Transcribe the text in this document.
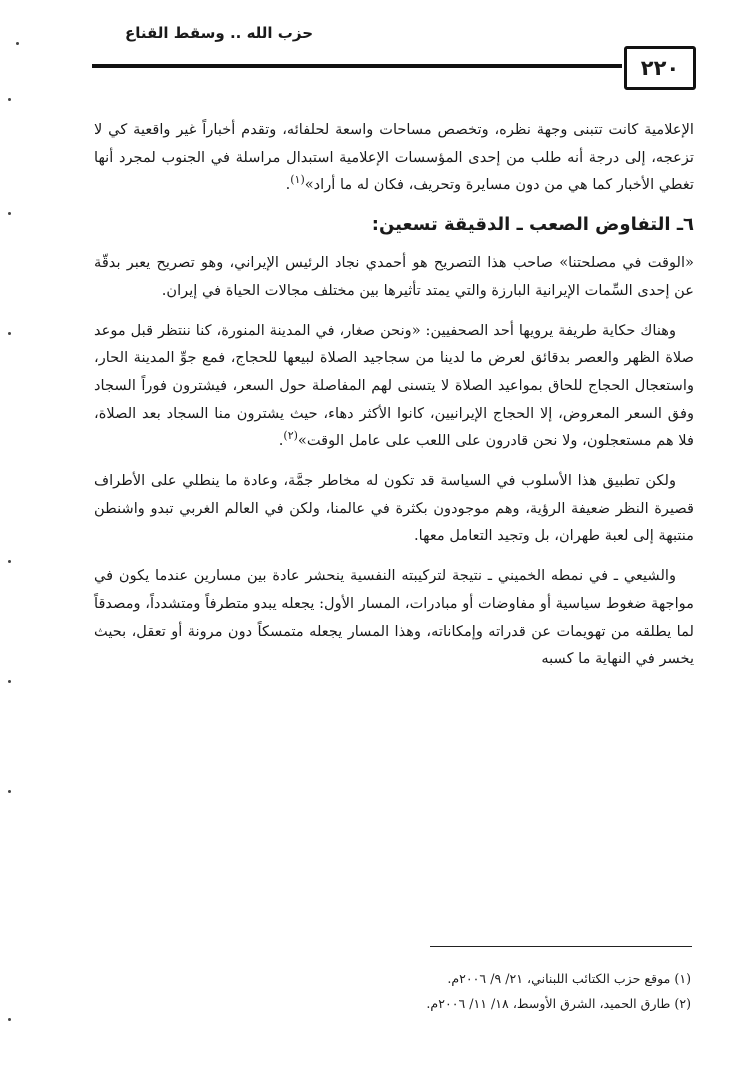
حزب الله .. وسقط القناع
٢٢٠

الإعلامية كانت تتبنى وجهة نظره، وتخصص مساحات واسعة لحلفائه، وتقدم أخباراً غير واقعية كي لا تزعجه، إلى درجة أنه طلب من إحدى المؤسسات الإعلامية استبدال مراسلة في الجنوب لمجرد أنها تغطي الأخبار كما هي من دون مسايرة وتحريف، فكان له ما أراد»$^{(١)}$.

٦ـ التفاوض الصعب ـ الدقيقة تسعين:

«الوقت في مصلحتنا» صاحب هذا التصريح هو أحمدي نجاد الرئيس الإيراني، وهو تصريح يعبر بدقّة عن إحدى السِّمات الإيرانية البارزة والتي يمتد تأثيرها بين مختلف مجالات الحياة في إيران.

وهناك حكاية طريفة يرويها أحد الصحفيين: «ونحن صغار، في المدينة المنورة، كنا ننتظر قبل موعد صلاة الظهر والعصر بدقائق لعرض ما لدينا من سجاجيد الصلاة لبيعها للحجاج، فمع جوِّ المدينة الحار، واستعجال الحجاج للحاق بمواعيد الصلاة لا يتسنى لهم المفاصلة حول السعر، فيشترون فوراً السجاد وفق السعر المعروض، إلا الحجاج الإيرانيين، كانوا الأكثر دهاء، حيث يشترون منا السجاد بعد الصلاة، فلا هم مستعجلون، ولا نحن قادرون على اللعب على عامل الوقت»$^{(٢)}$.

ولكن تطبيق هذا الأسلوب في السياسة قد تكون له مخاطر جمَّة، وعادة ما ينطلي على الأطراف قصيرة النظر ضعيفة الرؤية، وهم موجودون بكثرة في عالمنا، ولكن في العالم الغربي تبدو واشنطن منتبهة إلى لعبة طهران، بل وتجيد التعامل معها.

والشيعي ـ في نمطه الخميني ـ نتيجة لتركيبته النفسية ينحشر عادة بين مسارين عندما يكون في مواجهة ضغوط سياسية أو مفاوضات أو مبادرات، المسار الأول: يجعله يبدو متطرفاً ومتشدداً، ومصدقاً لما يطلقه من تهويمات عن قدراته وإمكاناته، وهذا المسار يجعله متمسكاً دون مرونة أو تعقل، بحيث يخسر في النهاية ما كسبه

(١) موقع حزب الكتائب اللبناني، ٢١/ ٩/ ٢٠٠٦م.
(٢) طارق الحميد، الشرق الأوسط، ١٨/ ١١/ ٢٠٠٦م.
